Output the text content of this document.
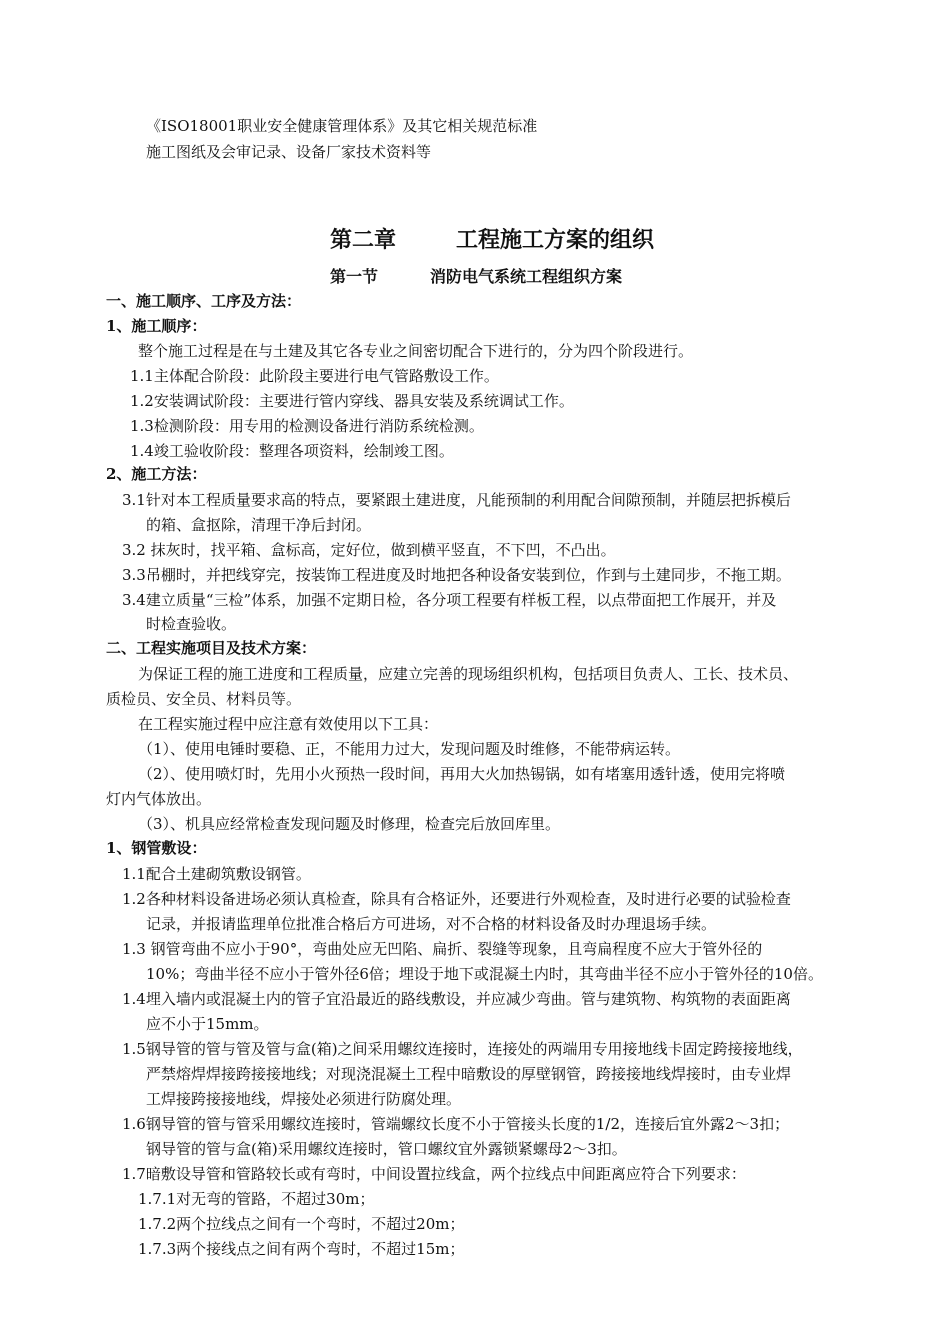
《ISO18001职业安全健康管理体系》及其它相关规范标准
施工图纸及会审记录、设备厂家技术资料等
第二章	工程施工方案的组织
第一节	消防电气系统工程组织方案
一、施工顺序、工序及方法：
1、施工顺序：
整个施工过程是在与土建及其它各专业之间密切配合下进行的，分为四个阶段进行。
1.1主体配合阶段：此阶段主要进行电气管路敷设工作。
1.2安装调试阶段：主要进行管内穿线、器具安装及系统调试工作。
1.3检测阶段：用专用的检测设备进行消防系统检测。
1.4竣工验收阶段：整理各项资料，绘制竣工图。
2、施工方法：
3.1针对本工程质量要求高的特点，要紧跟土建进度，凡能预制的利用配合间隙预制，并随层把拆模后
的箱、盒抠除，清理干净后封闭。
3.2 抹灰时，找平箱、盒标高，定好位，做到横平竖直，不下凹，不凸出。
3.3吊棚时，并把线穿完，按装饰工程进度及时地把各种设备安装到位，作到与土建同步，不拖工期。
3.4建立质量“三检”体系，加强不定期日检，各分项工程要有样板工程，以点带面把工作展开，并及
时检查验收。
二、工程实施项目及技术方案：
为保证工程的施工进度和工程质量，应建立完善的现场组织机构，包括项目负责人、工长、技术员、
质检员、安全员、材料员等。
在工程实施过程中应注意有效使用以下工具：
（1）、使用电锤时要稳、正，不能用力过大，发现问题及时维修，不能带病运转。
（2）、使用喷灯时，先用小火预热一段时间，再用大火加热锡锅，如有堵塞用透针透，使用完将喷
灯内气体放出。
（3）、机具应经常检查发现问题及时修理，检查完后放回库里。
1、钢管敷设：
1.1配合土建砌筑敷设钢管。
1.2各种材料设备进场必须认真检查，除具有合格证外，还要进行外观检查，及时进行必要的试验检查
记录，并报请监理单位批准合格后方可进场，对不合格的材料设备及时办理退场手续。
1.3 钢管弯曲不应小于90°，弯曲处应无凹陷、扁折、裂缝等现象，且弯扁程度不应大于管外径的
10%；弯曲半径不应小于管外径6倍；埋设于地下或混凝土内时，其弯曲半径不应小于管外径的10倍。
1.4埋入墙内或混凝土内的管子宜沿最近的路线敷设，并应减少弯曲。管与建筑物、构筑物的表面距离
应不小于15mm。
1.5钢导管的管与管及管与盒(箱)之间采用螺纹连接时，连接处的两端用专用接地线卡固定跨接接地线，
严禁熔焊焊接跨接接地线；对现浇混凝土工程中暗敷设的厚壁钢管，跨接接地线焊接时，由专业焊
工焊接跨接接地线，焊接处必须进行防腐处理。
1.6钢导管的管与管采用螺纹连接时，管端螺纹长度不小于管接头长度的1/2，连接后宜外露2～3扣；
钢导管的管与盒(箱)采用螺纹连接时，管口螺纹宜外露锁紧螺母2～3扣。
1.7暗敷设导管和管路较长或有弯时，中间设置拉线盒，两个拉线点中间距离应符合下列要求：
1.7.1对无弯的管路，不超过30m；
1.7.2两个拉线点之间有一个弯时，不超过20m；
1.7.3两个接线点之间有两个弯时，不超过15m；
